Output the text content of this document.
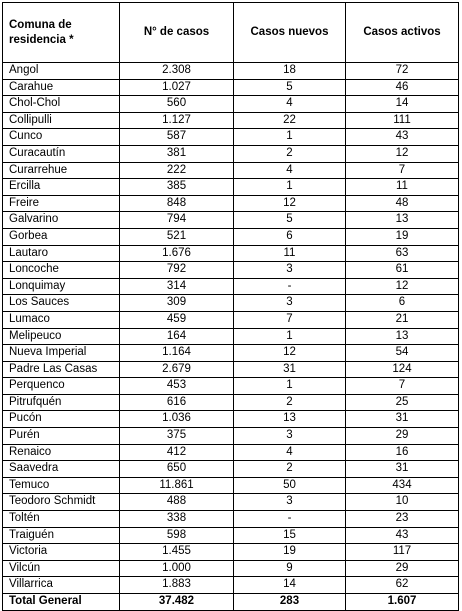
Comuna de residencia *	N° de casos	Casos nuevos	Casos activos
Angol	2.308	18	72
Carahue	1.027	5	46
Chol-Chol	560	4	14
Collipulli	1.127	22	111
Cunco	587	1	43
Curacautín	381	2	12
Curarrehue	222	4	7
Ercilla	385	1	11
Freire	848	12	48
Galvarino	794	5	13
Gorbea	521	6	19
Lautaro	1.676	11	63
Loncoche	792	3	61
Lonquimay	314	-	12
Los Sauces	309	3	6
Lumaco	459	7	21
Melipeuco	164	1	13
Nueva Imperial	1.164	12	54
Padre Las Casas	2.679	31	124
Perquenco	453	1	7
Pitrufquén	616	2	25
Pucón	1.036	13	31
Purén	375	3	29
Renaico	412	4	16
Saavedra	650	2	31
Temuco	11.861	50	434
Teodoro Schmidt	488	3	10
Toltén	338	-	23
Traiguén	598	15	43
Victoria	1.455	19	117
Vilcún	1.000	9	29
Villarrica	1.883	14	62
Total General	37.482	283	1.607
